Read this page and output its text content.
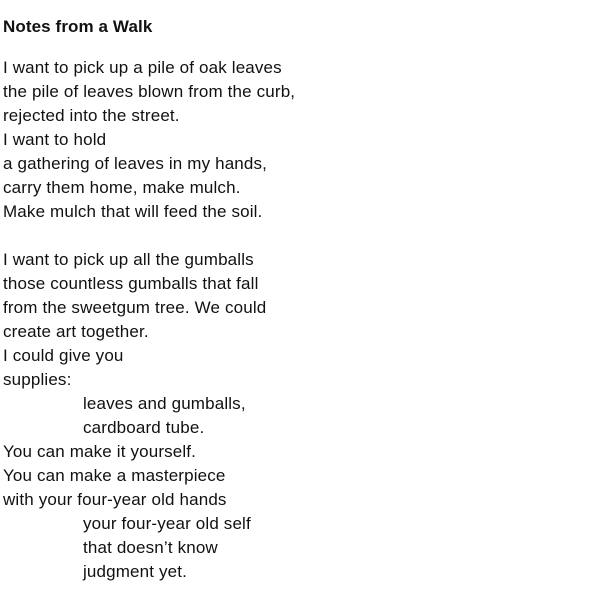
Notes from a Walk
I want to pick up a pile of oak leaves
the pile of leaves blown from the curb,
rejected into the street.
I want to hold
a gathering of leaves in my hands,
carry them home, make mulch.
Make mulch that will feed the soil.
I want to pick up all the gumballs
those countless gumballs that fall
from the sweetgum tree. We could
create art together.
I could give you
supplies:
leaves and gumballs,
cardboard tube.
You can make it yourself.
You can make a masterpiece
with your four-year old hands
your four-year old self
that doesn’t know
judgment yet.
